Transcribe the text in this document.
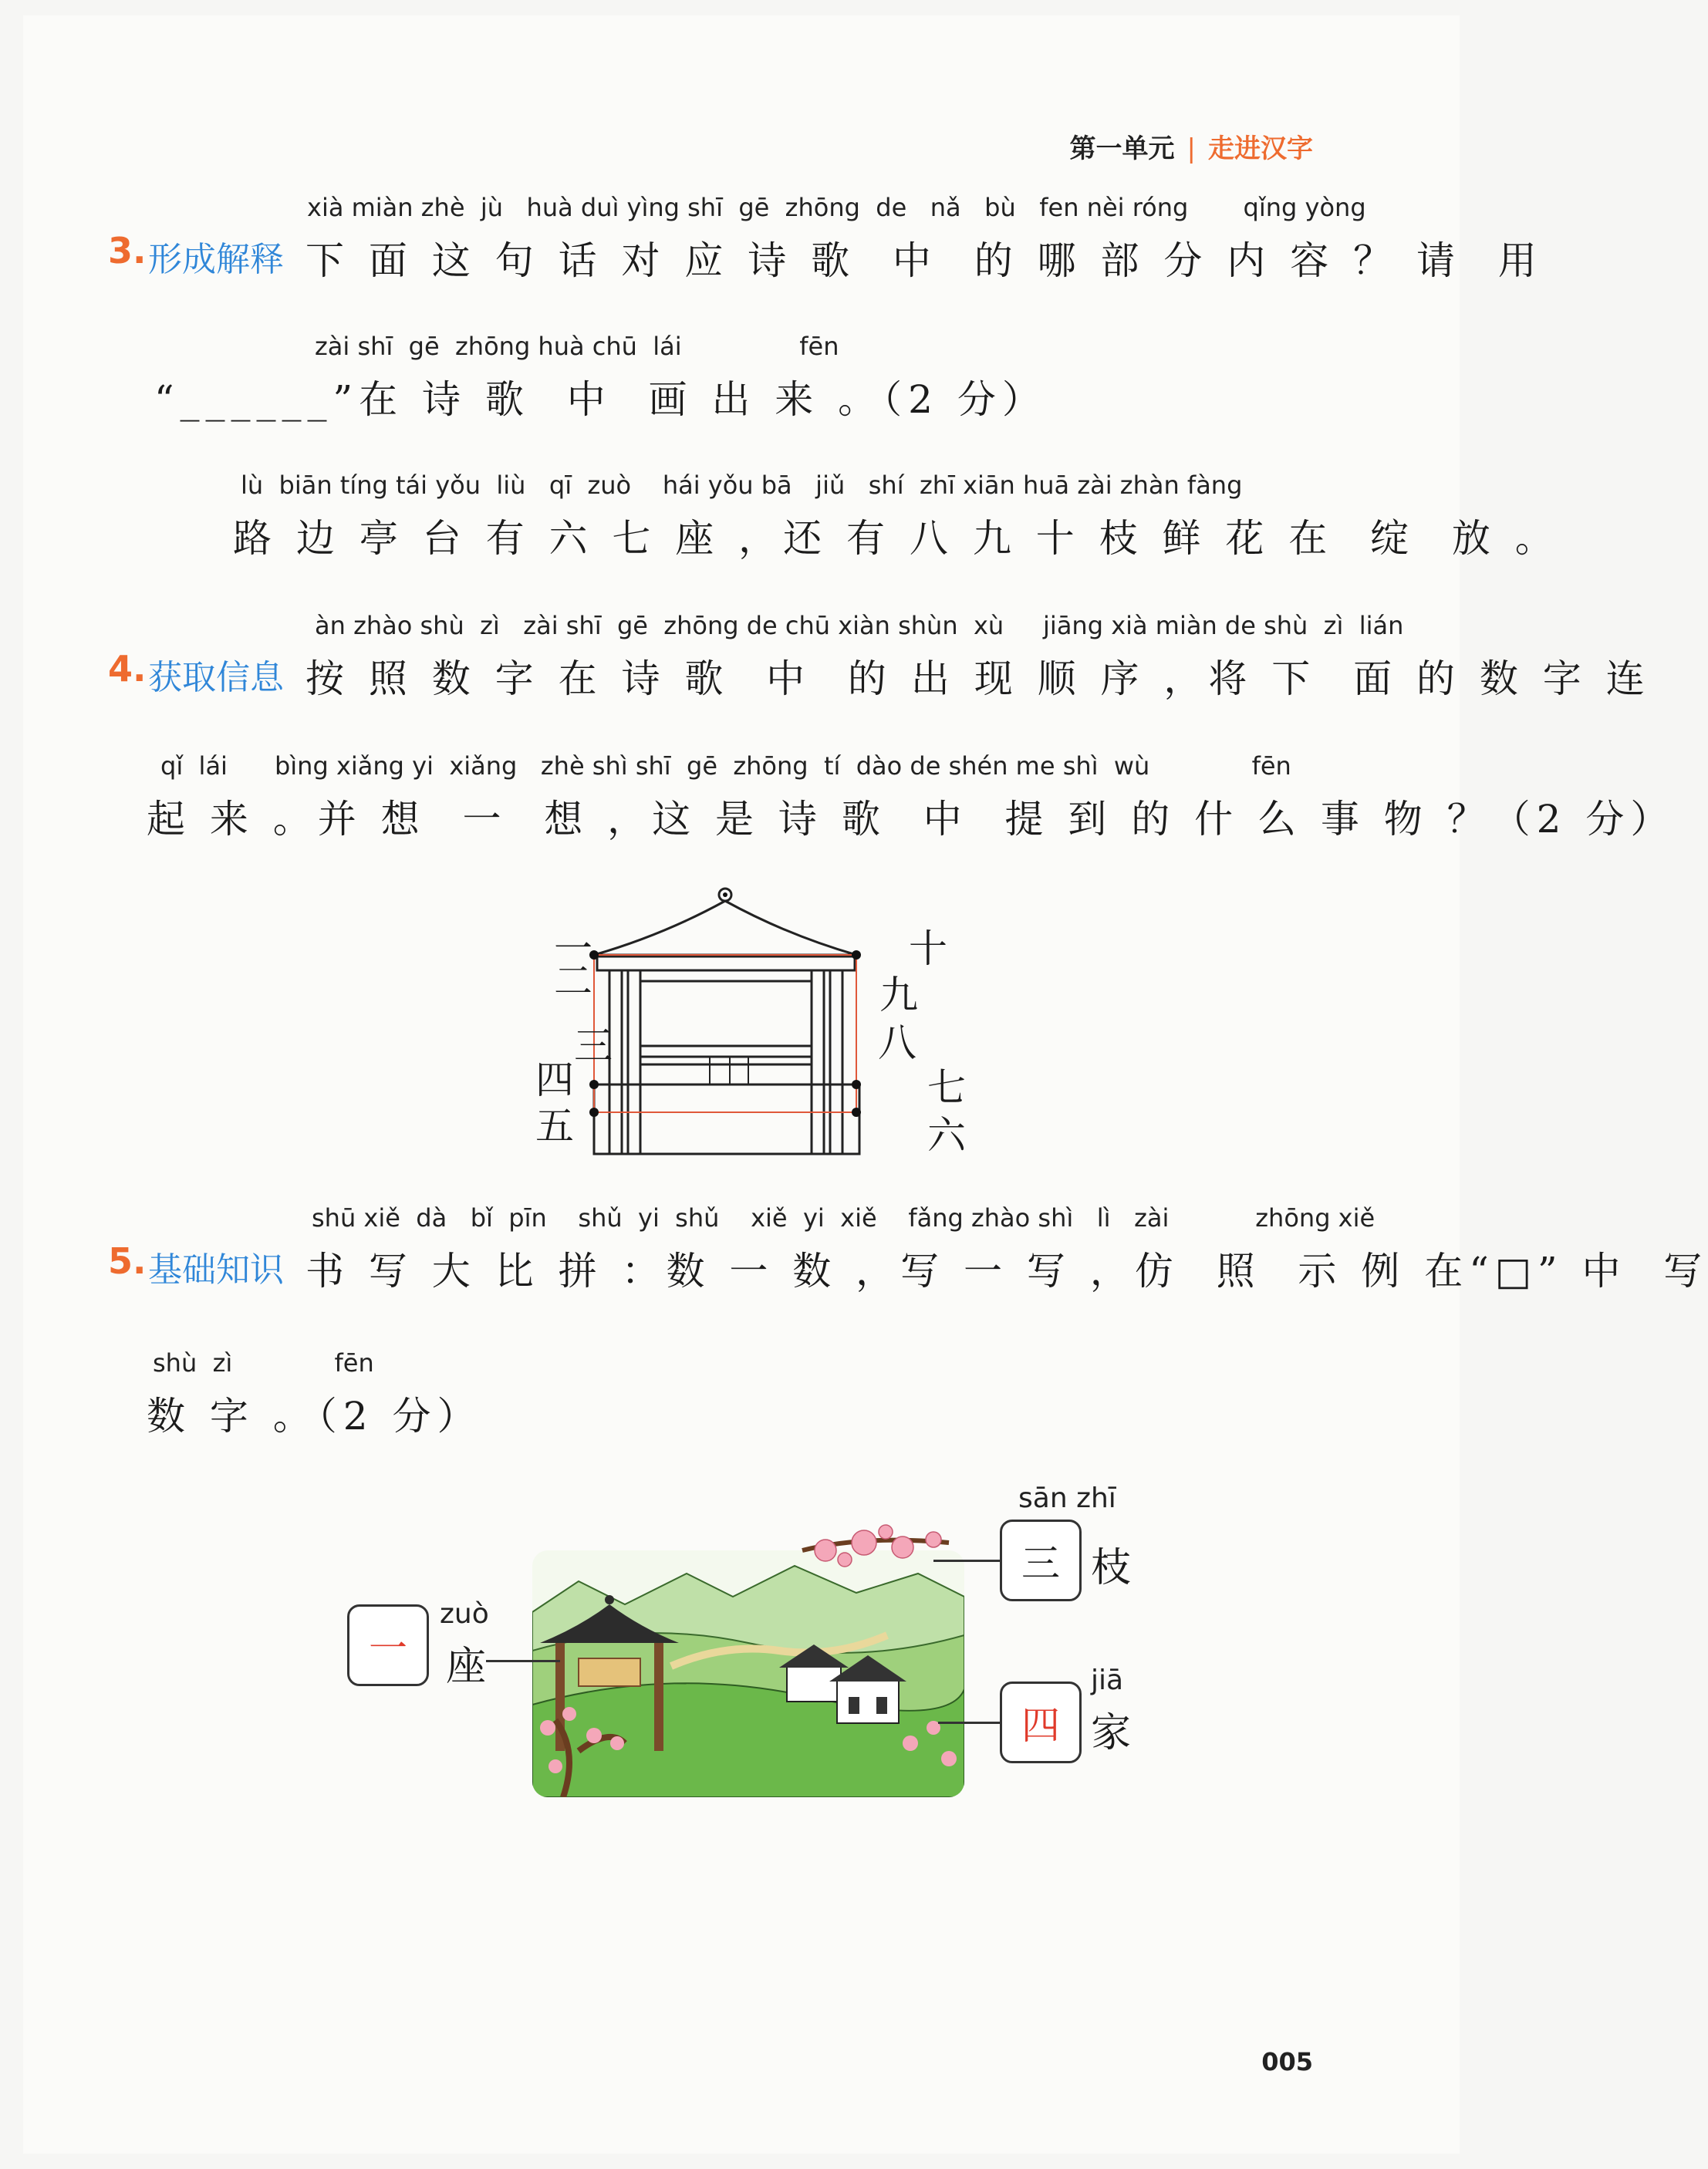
第一单元 | 走进汉字
3. 形成解释
xià miàn zhè  jù   huà duì yìng shī  gē  zhōng  de   nǎ   bù   fen nèi róng       qǐng yòng
下 面 这 句 话 对 应 诗 歌  中  的 哪 部 分 内 容 ？ 请  用
zài shī  gē  zhōng huà chū  lái               fēn
“______”在 诗 歌  中  画 出 来 。（2 分）
lù  biān tíng tái yǒu  liù   qī  zuò    hái yǒu bā   jiǔ   shí  zhī xiān huā zài zhàn fàng
路 边 亭 台 有 六 七 座 ，还 有 八 九 十 枝 鲜 花 在  绽  放 。
4. 获取信息
àn zhào shù  zì   zài shī  gē  zhōng de chū xiàn shùn  xù     jiāng xià miàn de shù  zì  lián
按 照 数 字 在 诗 歌  中  的 出 现 顺 序 ，将 下  面 的 数 字 连
qǐ  lái      bìng xiǎng yi  xiǎng   zhè shì shī  gē  zhōng  tí  dào de shén me shì  wù             fēn
起 来 。并 想  一  想 ，这 是 诗 歌  中  提 到 的 什 么 事 物 ？（2 分）
一
二
三
四
五	六
七
八
九
十
5. 基础知识
shū xiě  dà   bǐ  pīn    shǔ  yi  shǔ    xiě  yi  xiě    fǎng zhào shì   lì   zài           zhōng xiě
书 写 大 比 拼 ：数 一 数 ，写 一 写 ，仿  照  示 例 在“□” 中  写
shù  zì             fēn
数 字 。（2 分）
一
zuò
座
sān zhī
三 枝
四
jiā
家
005
